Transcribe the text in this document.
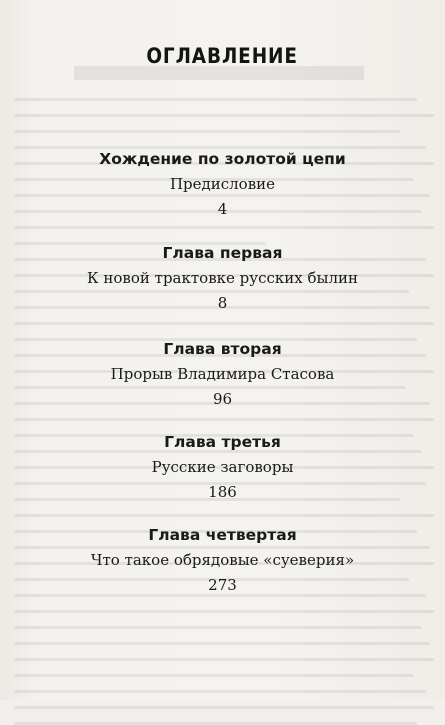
ОГЛАВЛЕНИЕ
Хождение по золотой цепи
Предисловие
4
Глава первая
К новой трактовке русских былин
8
Глава вторая
Прорыв Владимира Стасова
96
Глава третья
Русские заговоры
186
Глава четвертая
Что такое обрядовые «суеверия»
273
